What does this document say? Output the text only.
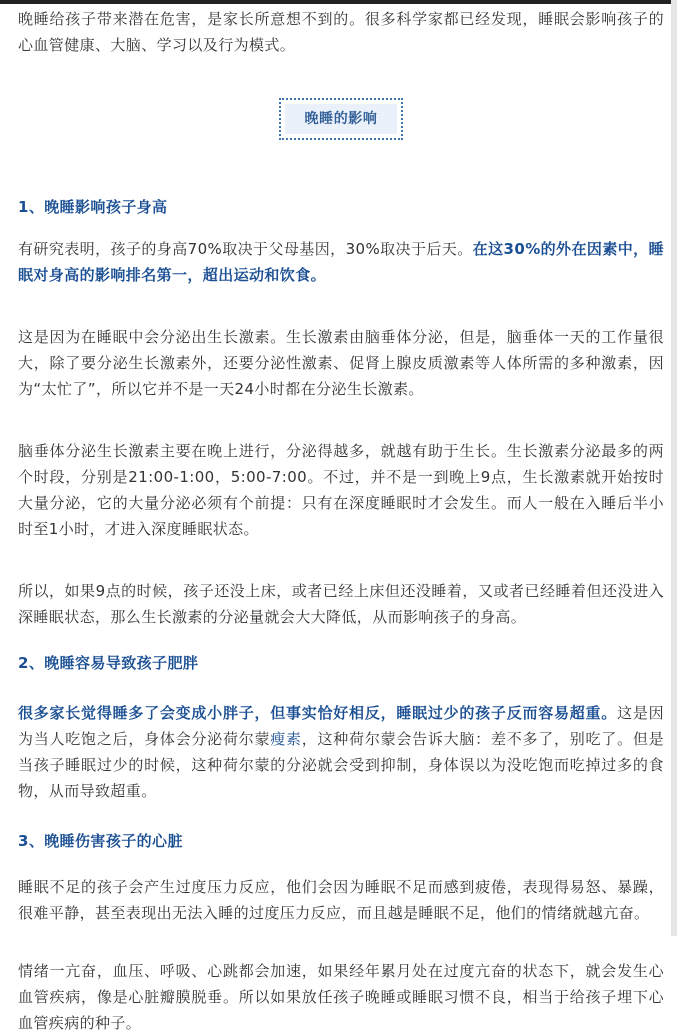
晚睡给孩子带来潜在危害，是家长所意想不到的。很多科学家都已经发现，睡眠会影响孩子的心血管健康、大脑、学习以及行为模式。

晚睡的影响
1、晚睡影响孩子身高

有研究表明，孩子的身高70%取决于父母基因，30%取决于后天。在这30%的外在因素中，睡眠对身高的影响排名第一，超出运动和饮食。

这是因为在睡眠中会分泌出生长激素。生长激素由脑垂体分泌，但是，脑垂体一天的工作量很大，除了要分泌生长激素外，还要分泌性激素、促肾上腺皮质激素等人体所需的多种激素，因为“太忙了”，所以它并不是一天24小时都在分泌生长激素。

脑垂体分泌生长激素主要在晚上进行，分泌得越多，就越有助于生长。生长激素分泌最多的两个时段，分别是21:00-1:00，5:00-7:00。不过，并不是一到晚上9点，生长激素就开始按时大量分泌，它的大量分泌必须有个前提：只有在深度睡眠时才会发生。而人一般在入睡后半小时至1小时，才进入深度睡眠状态。

所以，如果9点的时候，孩子还没上床，或者已经上床但还没睡着，又或者已经睡着但还没进入深睡眠状态，那么生长激素的分泌量就会大大降低，从而影响孩子的身高。

2、晚睡容易导致孩子肥胖

很多家长觉得睡多了会变成小胖子，但事实恰好相反，睡眠过少的孩子反而容易超重。这是因为当人吃饱之后，身体会分泌荷尔蒙瘦素，这种荷尔蒙会告诉大脑：差不多了，别吃了。但是当孩子睡眠过少的时候，这种荷尔蒙的分泌就会受到抑制，身体误以为没吃饱而吃掉过多的食物，从而导致超重。

3、晚睡伤害孩子的心脏

睡眠不足的孩子会产生过度压力反应，他们会因为睡眠不足而感到疲倦，表现得易怒、暴躁，很难平静，甚至表现出无法入睡的过度压力反应，而且越是睡眠不足，他们的情绪就越亢奋。

情绪一亢奋，血压、呼吸、心跳都会加速，如果经年累月处在过度亢奋的状态下，就会发生心血管疾病，像是心脏瓣膜脱垂。所以如果放任孩子晚睡或睡眠习惯不良，相当于给孩子埋下心血管疾病的种子。
